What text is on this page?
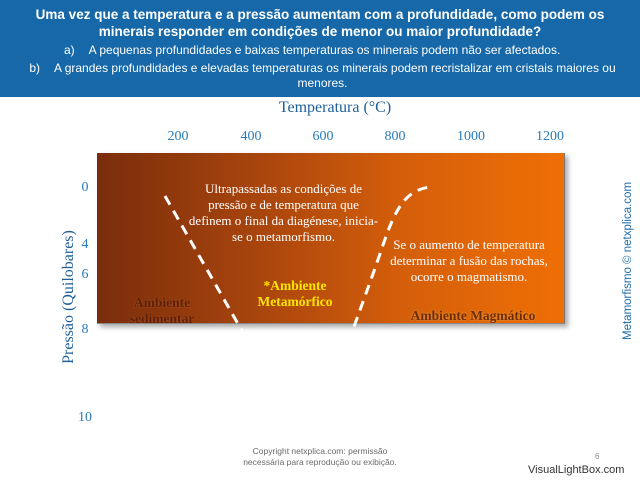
Uma vez que a temperatura e a pressão aumentam com a profundidade, como podem os minerais responder em condições de menor ou maior profundidade?
a) A pequenas profundidades e baixas temperaturas os minerais podem não ser afectados.
b) A grandes profundidades e elevadas temperaturas os minerais podem recristalizar em cristais maiores ou menores.
Temperatura (°C)
200	400	600	800	1000	1200
Pressão (Quilobares)
0
4
6
8
10
Ultrapassadas as condições de pressão e de temperatura que definem o final da diagénese, inicia-se o metamorfismo.
Se o aumento de temperatura determinar a fusão das rochas, ocorre o magmatismo.
Ambiente sedimentar
*Ambiente Metamórfico
Ambiente Magmático	Metamorfismo © netxplica.com
Copyright netxplica.com: permissão
necessária para reprodução ou exibição.
6
VisualLightBox.com
